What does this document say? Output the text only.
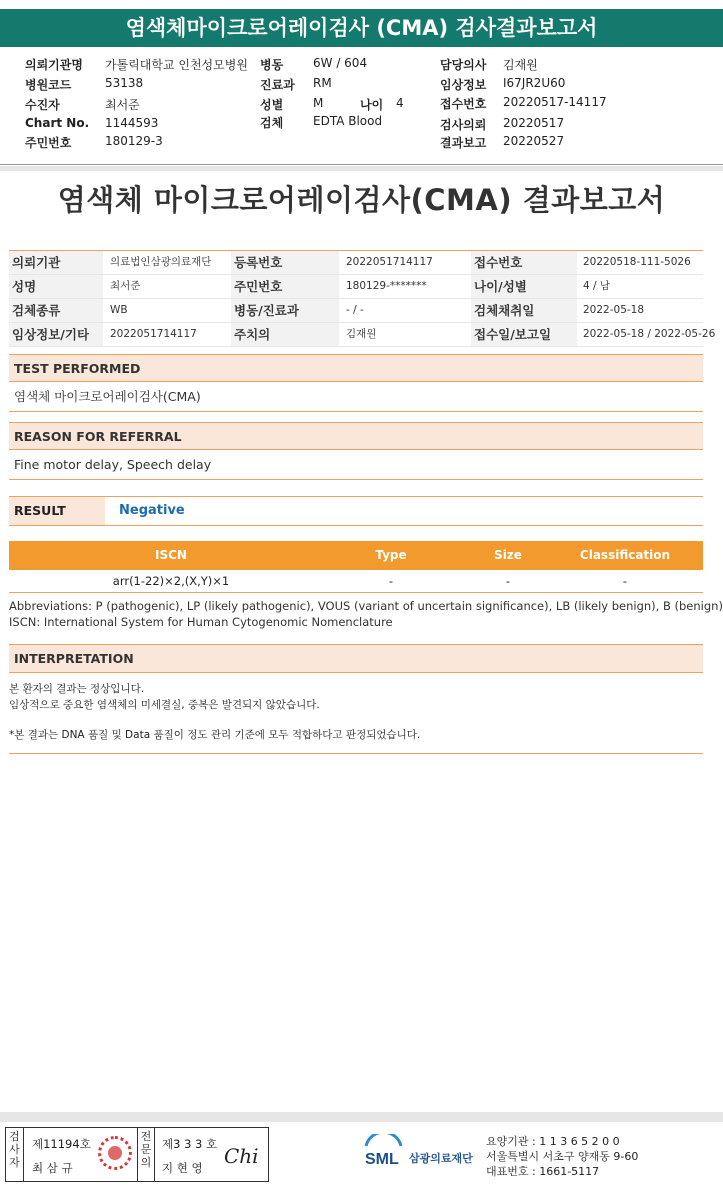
염색체마이크로어레이검사 (CMA) 검사결과보고서
의뢰기관명 가톨릭대학교 인천성모병원
병원코드	53138
수진자	최서준
Chart No. 1144593
주민번호	180129-3
병동 6W / 604
진료과 RM
성별 M	나이 4
검체 EDTA Blood
담당의사 김재원
임상정보 I67JR2U60
접수번호 20220517-14117
검사의뢰 20220517
결과보고 20220527
염색체 마이크로어레이검사(CMA) 결과보고서
의뢰기관	의료법인삼광의료재단 등록번호	2022051714117	접수번호	20220518-111-5026
성명	최서준	주민번호	180129-*******	나이/성별	4 / 남
검체종류	WB	병동/진료과	- / -	검체채취일	2022-05-18
임상정보/기타	2022051714117	주치의	김재원	접수일/보고일	2022-05-18 / 2022-05-26
TEST PERFORMED
염색체 마이크로어레이검사(CMA)
REASON FOR REFERRAL
Fine motor delay, Speech delay
RESULT	Negative
ISCN	Type	Size	Classification
arr(1-22)×2,(X,Y)×1	-	-	-
Abbreviations: P (pathogenic), LP (likely pathogenic), VOUS (variant of uncertain significance), LB (likely benign), B (benign)
ISCN: International System for Human Cytogenomic Nomenclature
INTERPRETATION
본 환자의 결과는 정상입니다.
임상적으로 중요한 염색체의 미세결실, 중복은 발견되지 않았습니다.
*본 결과는 DNA 품질 및 Data 품질이 정도 관리 기준에 모두 적합하다고 판정되었습니다.
검사자
제11194호
최 삼 규
전문의
제3 3 3 호
지 현 영 Chi	SML 삼광의료재단
요양기관 : 1 1 3 6 5 2 0 0
서울특별시 서초구 양재동 9-60
대표번호 : 1661-5117
